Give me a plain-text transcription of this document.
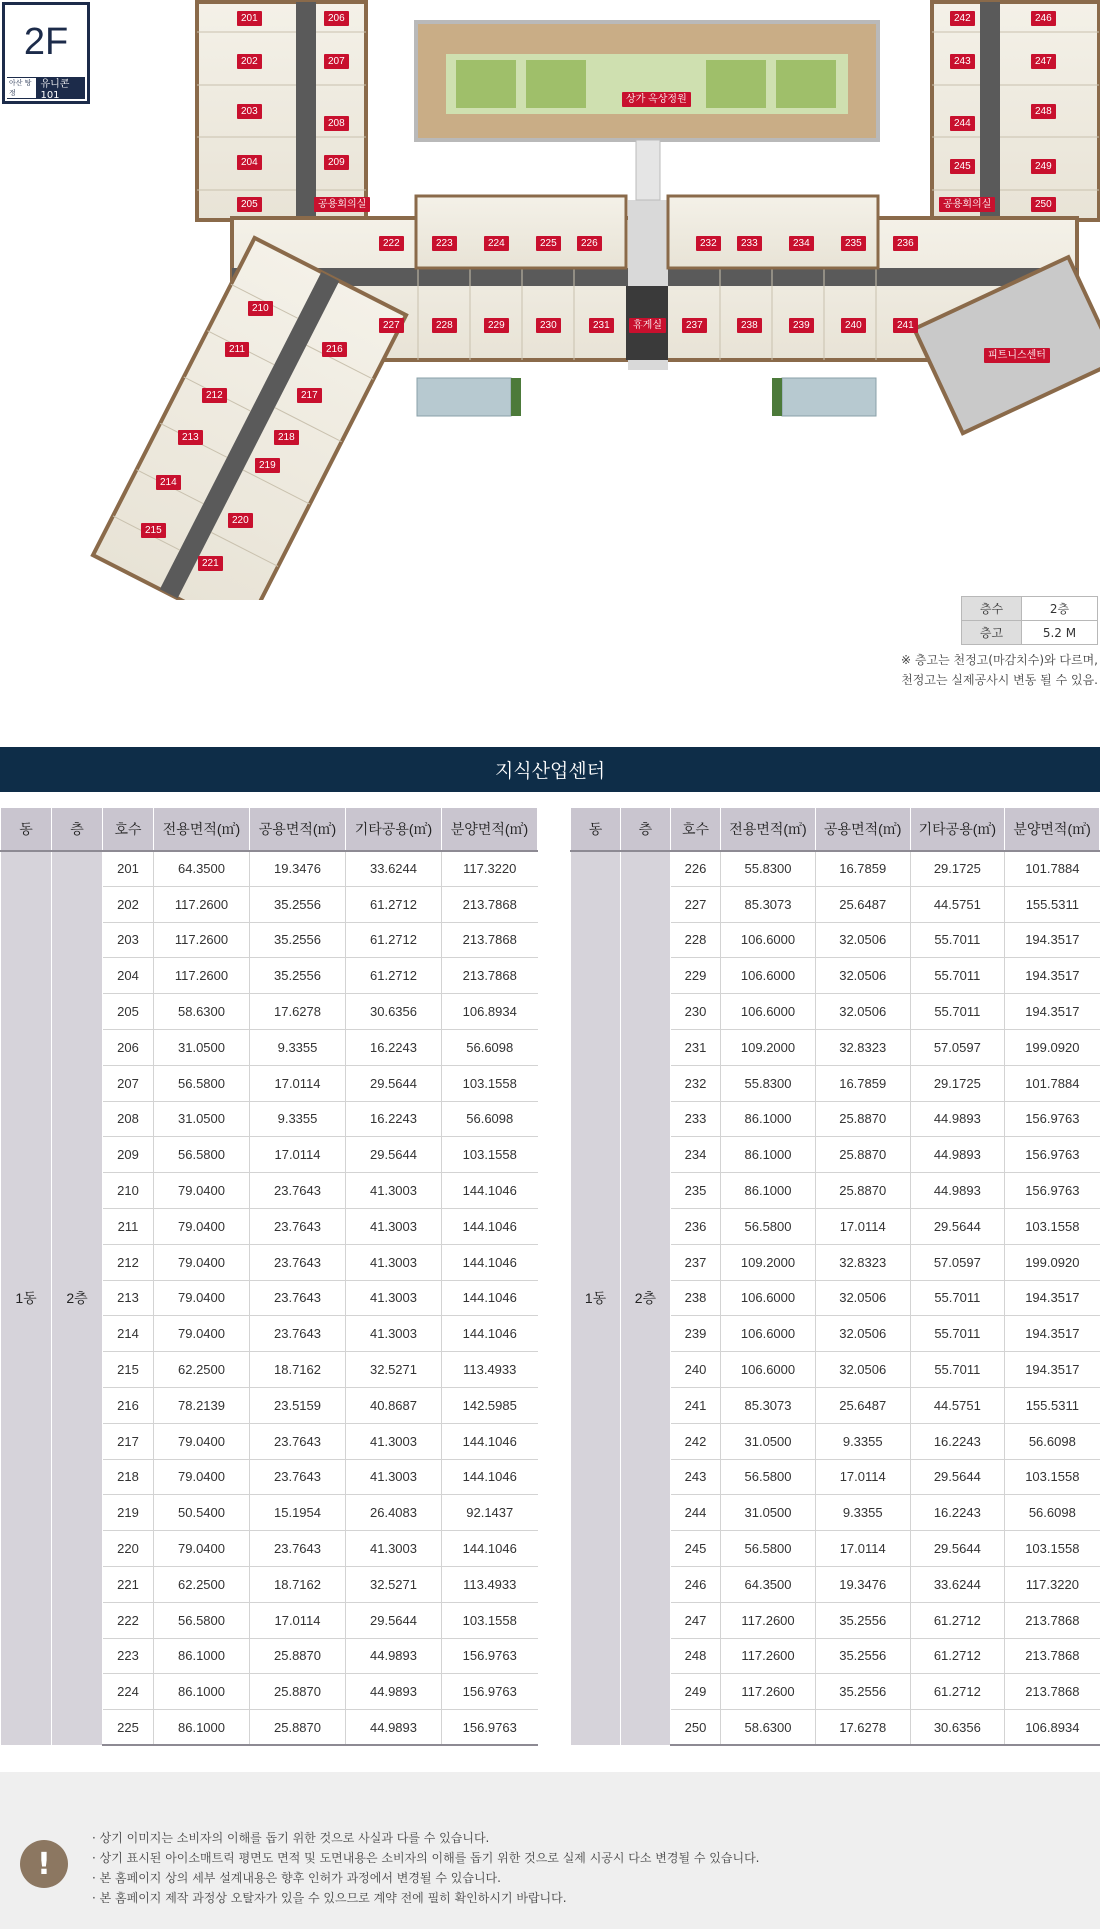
201
202
203
204
205
206
207
208
209
공용회의실
210
211
212
213
214
215
216
217
218
219
220
221
222	223	224	225	226
227	228	229	230	231
232	233	234	235	236
237	238	239	240	241
242
243
244
245
246
247
248
249
250
공용회의실
상가 옥상정원
휴게실
피트니스센터
2F
아산 탕정
유니콘 101
층수	2층
층고	5.2 M
※ 층고는 천정고(마감치수)와 다르며,
천정고는 실제공사시 변동 될 수 있음.
지식산업센터
동	층	호수	전용면적(㎡)	공용면적(㎡)	기타공용(㎡)	분양면적(㎡)
1동	2층	201	64.3500	19.3476	33.6244	117.3220
		202	117.2600	35.2556	61.2712	213.7868
		203	117.2600	35.2556	61.2712	213.7868
		204	117.2600	35.2556	61.2712	213.7868
		205	58.6300	17.6278	30.6356	106.8934
		206	31.0500	9.3355	16.2243	56.6098
		207	56.5800	17.0114	29.5644	103.1558
		208	31.0500	9.3355	16.2243	56.6098
		209	56.5800	17.0114	29.5644	103.1558
		210	79.0400	23.7643	41.3003	144.1046
		211	79.0400	23.7643	41.3003	144.1046
		212	79.0400	23.7643	41.3003	144.1046
		213	79.0400	23.7643	41.3003	144.1046
		214	79.0400	23.7643	41.3003	144.1046
		215	62.2500	18.7162	32.5271	113.4933
		216	78.2139	23.5159	40.8687	142.5985
		217	79.0400	23.7643	41.3003	144.1046
		218	79.0400	23.7643	41.3003	144.1046
		219	50.5400	15.1954	26.4083	92.1437
		220	79.0400	23.7643	41.3003	144.1046
		221	62.2500	18.7162	32.5271	113.4933
		222	56.5800	17.0114	29.5644	103.1558
		223	86.1000	25.8870	44.9893	156.9763
		224	86.1000	25.8870	44.9893	156.9763
		225	86.1000	25.8870	44.9893	156.9763
동	층	호수	전용면적(㎡)	공용면적(㎡)	기타공용(㎡)	분양면적(㎡)
1동	2층	226	55.8300	16.7859	29.1725	101.7884
		227	85.3073	25.6487	44.5751	155.5311
		228	106.6000	32.0506	55.7011	194.3517
		229	106.6000	32.0506	55.7011	194.3517
		230	106.6000	32.0506	55.7011	194.3517
		231	109.2000	32.8323	57.0597	199.0920
		232	55.8300	16.7859	29.1725	101.7884
		233	86.1000	25.8870	44.9893	156.9763
		234	86.1000	25.8870	44.9893	156.9763
		235	86.1000	25.8870	44.9893	156.9763
		236	56.5800	17.0114	29.5644	103.1558
		237	109.2000	32.8323	57.0597	199.0920
		238	106.6000	32.0506	55.7011	194.3517
		239	106.6000	32.0506	55.7011	194.3517
		240	106.6000	32.0506	55.7011	194.3517
		241	85.3073	25.6487	44.5751	155.5311
		242	31.0500	9.3355	16.2243	56.6098
		243	56.5800	17.0114	29.5644	103.1558
		244	31.0500	9.3355	16.2243	56.6098
		245	56.5800	17.0114	29.5644	103.1558
		246	64.3500	19.3476	33.6244	117.3220
		247	117.2600	35.2556	61.2712	213.7868
		248	117.2600	35.2556	61.2712	213.7868
		249	117.2600	35.2556	61.2712	213.7868
		250	58.6300	17.6278	30.6356	106.8934
!
· 상기 이미지는 소비자의 이해를 돕기 위한 것으로 사실과 다를 수 있습니다.
· 상기 표시된 아이소매트릭 평면도 면적 및 도면내용은 소비자의 이해를 돕기 위한 것으로 실제 시공시 다소 변경될 수 있습니다.
· 본 홈페이지 상의 세부 설계내용은 향후 인허가 과정에서 변경될 수 있습니다.
· 본 홈페이지 제작 과정상 오탈자가 있을 수 있으므로 계약 전에 필히 확인하시기 바랍니다.
